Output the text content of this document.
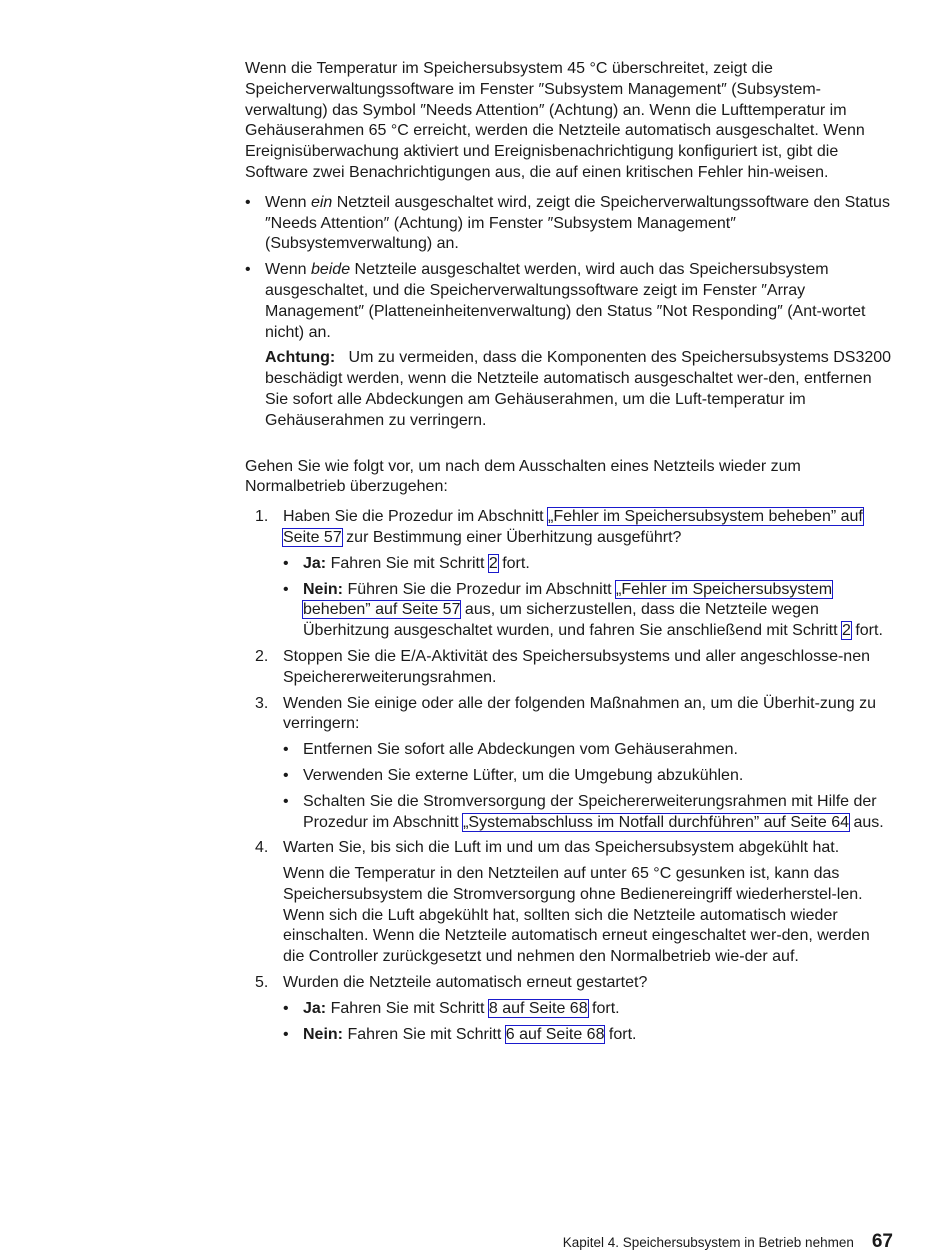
Wenn die Temperatur im Speichersubsystem 45 °C überschreitet, zeigt die Speicherverwaltungssoftware im Fenster ″Subsystem Management″ (Subsystem-verwaltung) das Symbol ″Needs Attention″ (Achtung) an. Wenn die Lufttemperatur im Gehäuserahmen 65 °C erreicht, werden die Netzteile automatisch ausgeschaltet. Wenn Ereignisüberwachung aktiviert und Ereignisbenachrichtigung konfiguriert ist, gibt die Software zwei Benachrichtigungen aus, die auf einen kritischen Fehler hin-weisen.

• Wenn ein Netzteil ausgeschaltet wird, zeigt die Speicherverwaltungssoftware den Status ″Needs Attention″ (Achtung) im Fenster ″Subsystem Management″ (Subsystemverwaltung) an.
• Wenn beide Netzteile ausgeschaltet werden, wird auch das Speichersubsystem ausgeschaltet, und die Speicherverwaltungssoftware zeigt im Fenster ″Array Management″ (Platteneinheitenverwaltung) den Status ″Not Responding″ (Ant-wortet nicht) an.

Achtung: Um zu vermeiden, dass die Komponenten des Speichersubsystems DS3200 beschädigt werden, wenn die Netzteile automatisch ausgeschaltet wer-den, entfernen Sie sofort alle Abdeckungen am Gehäuserahmen, um die Luft-temperatur im Gehäuserahmen zu verringern.

Gehen Sie wie folgt vor, um nach dem Ausschalten eines Netzteils wieder zum Normalbetrieb überzugehen:

1. Haben Sie die Prozedur im Abschnitt „Fehler im Speichersubsystem beheben” auf Seite 57 zur Bestimmung einer Überhitzung ausgeführt?
• Ja: Fahren Sie mit Schritt 2 fort.
• Nein: Führen Sie die Prozedur im Abschnitt „Fehler im Speichersubsystem beheben” auf Seite 57 aus, um sicherzustellen, dass die Netzteile wegen Überhitzung ausgeschaltet wurden, und fahren Sie anschließend mit Schritt 2 fort.
2. Stoppen Sie die E/A-Aktivität des Speichersubsystems und aller angeschlosse-nen Speichererweiterungsrahmen.
3. Wenden Sie einige oder alle der folgenden Maßnahmen an, um die Überhit-zung zu verringern:
• Entfernen Sie sofort alle Abdeckungen vom Gehäuserahmen.
• Verwenden Sie externe Lüfter, um die Umgebung abzukühlen.
• Schalten Sie die Stromversorgung der Speichererweiterungsrahmen mit Hilfe der Prozedur im Abschnitt „Systemabschluss im Notfall durchführen” auf Seite 64 aus.
4. Warten Sie, bis sich die Luft im und um das Speichersubsystem abgekühlt hat.

Wenn die Temperatur in den Netzteilen auf unter 65 °C gesunken ist, kann das Speichersubsystem die Stromversorgung ohne Bedienereingriff wiederherstel-len. Wenn sich die Luft abgekühlt hat, sollten sich die Netzteile automatisch wieder einschalten. Wenn die Netzteile automatisch erneut eingeschaltet wer-den, werden die Controller zurückgesetzt und nehmen den Normalbetrieb wie-der auf.

5. Wurden die Netzteile automatisch erneut gestartet?
• Ja: Fahren Sie mit Schritt 8 auf Seite 68 fort.
• Nein: Fahren Sie mit Schritt 6 auf Seite 68 fort.
Kapitel 4. Speichersubsystem in Betrieb nehmen 67
